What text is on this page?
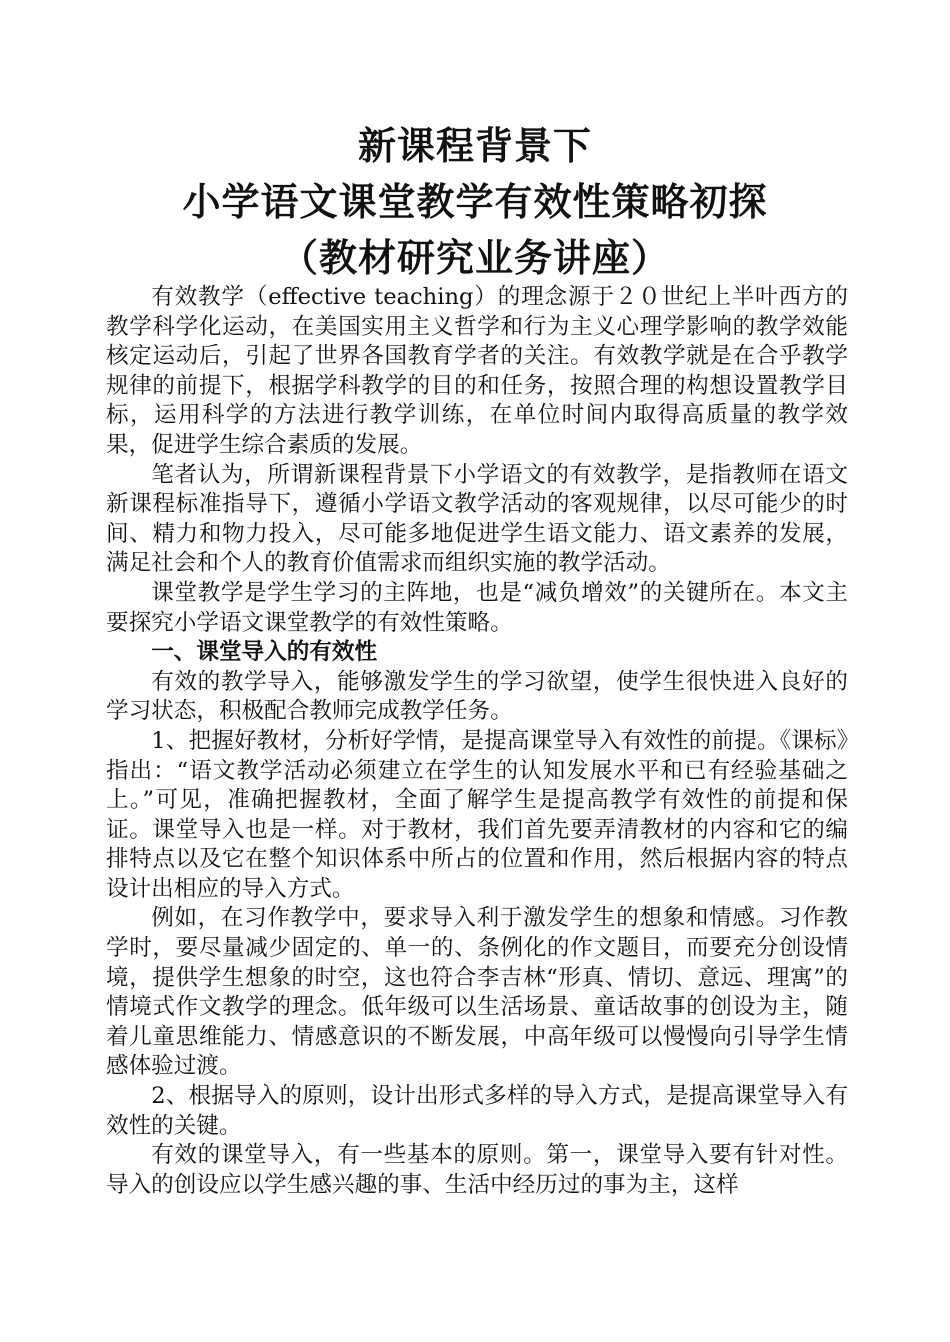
新课程背景下
小学语文课堂教学有效性策略初探
（教材研究业务讲座）

有效教学（effective teaching）的理念源于２０世纪上半叶西方的教学科学化运动，在美国实用主义哲学和行为主义心理学影响的教学效能核定运动后，引起了世界各国教育学者的关注。有效教学就是在合乎教学规律的前提下，根据学科教学的目的和任务，按照合理的构想设置教学目标，运用科学的方法进行教学训练，在单位时间内取得高质量的教学效果，促进学生综合素质的发展。

笔者认为，所谓新课程背景下小学语文的有效教学，是指教师在语文新课程标准指导下，遵循小学语文教学活动的客观规律，以尽可能少的时间、精力和物力投入，尽可能多地促进学生语文能力、语文素养的发展，满足社会和个人的教育价值需求而组织实施的教学活动。

课堂教学是学生学习的主阵地，也是“减负增效”的关键所在。本文主要探究小学语文课堂教学的有效性策略。

一、课堂导入的有效性

有效的教学导入，能够激发学生的学习欲望，使学生很快进入良好的学习状态，积极配合教师完成教学任务。

1、把握好教材，分析好学情，是提高课堂导入有效性的前提。《课标》指出：“语文教学活动必须建立在学生的认知发展水平和已有经验基础之上。”可见，准确把握教材，全面了解学生是提高教学有效性的前提和保证。课堂导入也是一样。对于教材，我们首先要弄清教材的内容和它的编排特点以及它在整个知识体系中所占的位置和作用，然后根据内容的特点设计出相应的导入方式。

例如，在习作教学中，要求导入利于激发学生的想象和情感。习作教学时，要尽量减少固定的、单一的、条例化的作文题目，而要充分创设情境，提供学生想象的时空，这也符合李吉林“形真、情切、意远、理寓”的情境式作文教学的理念。低年级可以生活场景、童话故事的创设为主，随着儿童思维能力、情感意识的不断发展，中高年级可以慢慢向引导学生情感体验过渡。

2、根据导入的原则，设计出形式多样的导入方式，是提高课堂导入有效性的关键。

有效的课堂导入，有一些基本的原则。第一，课堂导入要有针对性。导入的创设应以学生感兴趣的事、生活中经历过的事为主，这样
